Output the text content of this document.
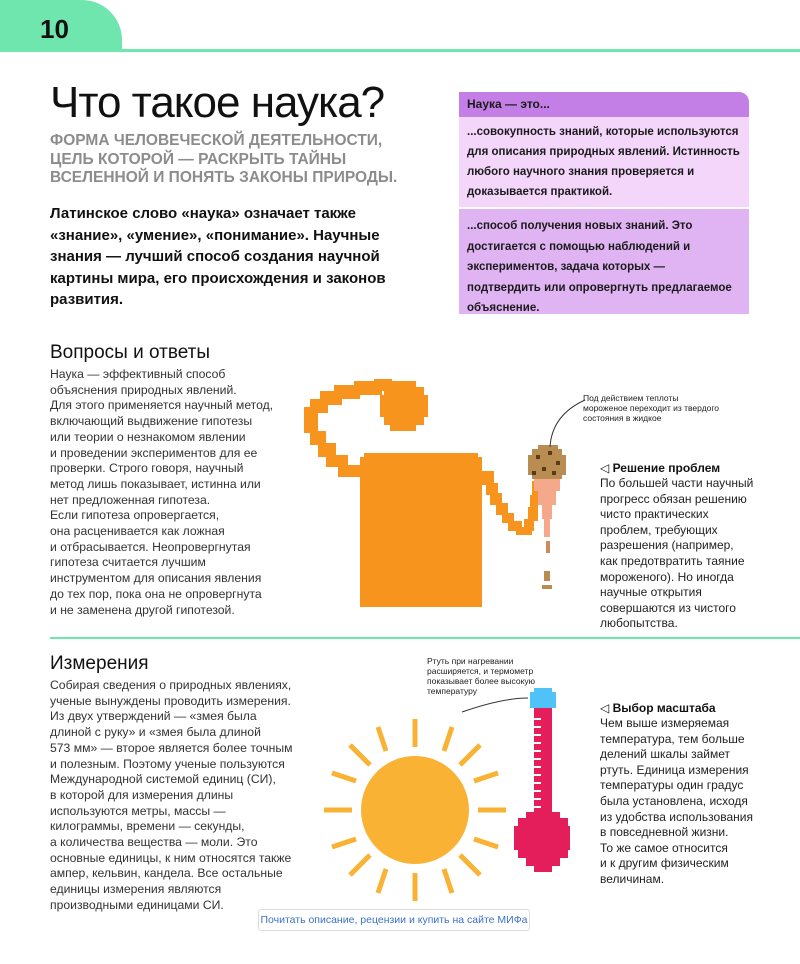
10
Что такое наука?

ФОРМА ЧЕЛОВЕЧЕСКОЙ ДЕЯТЕЛЬНОСТИ, ЦЕЛЬ КОТОРОЙ — РАСКРЫТЬ ТАЙНЫ ВСЕЛЕННОЙ И ПОНЯТЬ ЗАКОНЫ ПРИРОДЫ.

Латинское слово «наука» означает также «знание», «умение», «понимание». Научные знания — лучший способ создания научной картины мира, его происхождения и законов развития.

Наука — это...
...совокупность знаний, которые используются для описания природных явлений. Истинность любого научного знания проверяется и доказывается практикой.
...способ получения новых знаний. Это достигается с помощью наблюдений и экспериментов, задача которых — подтвердить или опровергнуть предлагаемое объяснение.
Вопросы и ответы

Наука — эффективный способ
объяснения природных явлений.
Для этого применяется научный метод,
включающий выдвижение гипотезы
или теории о незнакомом явлении
и проведении экспериментов для ее
проверки. Строго говоря, научный
метод лишь показывает, истинна или
нет предложенная гипотеза.
Если гипотеза опровергается,
она расценивается как ложная
и отбрасывается. Неопровергнутая
гипотеза считается лучшим
инструментом для описания явления
до тех пор, пока она не опровергнута
и не заменена другой гипотезой.

Под действием теплоты
мороженое переходит из твердого
состояния в жидкое

◁ Решение проблем

По большей части научный
прогресс обязан решению
чисто практических
проблем, требующих
разрешения (например,
как предотвратить таяние
мороженого). Но иногда
научные открытия
совершаются из чистого
любопытства.

Измерения

Собирая сведения о природных явлениях,
ученые вынуждены проводить измерения.
Из двух утверждений — «змея была
длиной с руку» и «змея была длиной
573 мм» — второе является более точным
и полезным. Поэтому ученые пользуются
Международной системой единиц (СИ),
в которой для измерения длины
используются метры, массы —
килограммы, времени — секунды,
а количества вещества — моли. Это
основные единицы, к ним относятся также
ампер, кельвин, кандела. Все остальные
единицы измерения являются
производными единицами СИ.

Ртуть при нагревании
расширяется, и термометр
показывает более высокую
температуру

◁ Выбор масштаба

Чем выше измеряемая
температура, тем больше
делений шкалы займет
ртуть. Единица измерения
температуры один градус
была установлена, исходя
из удобства использования
в повседневной жизни.
То же самое относится
и к другим физическим
величинам.

Почитать описание, рецензии и купить на сайте МИФа
